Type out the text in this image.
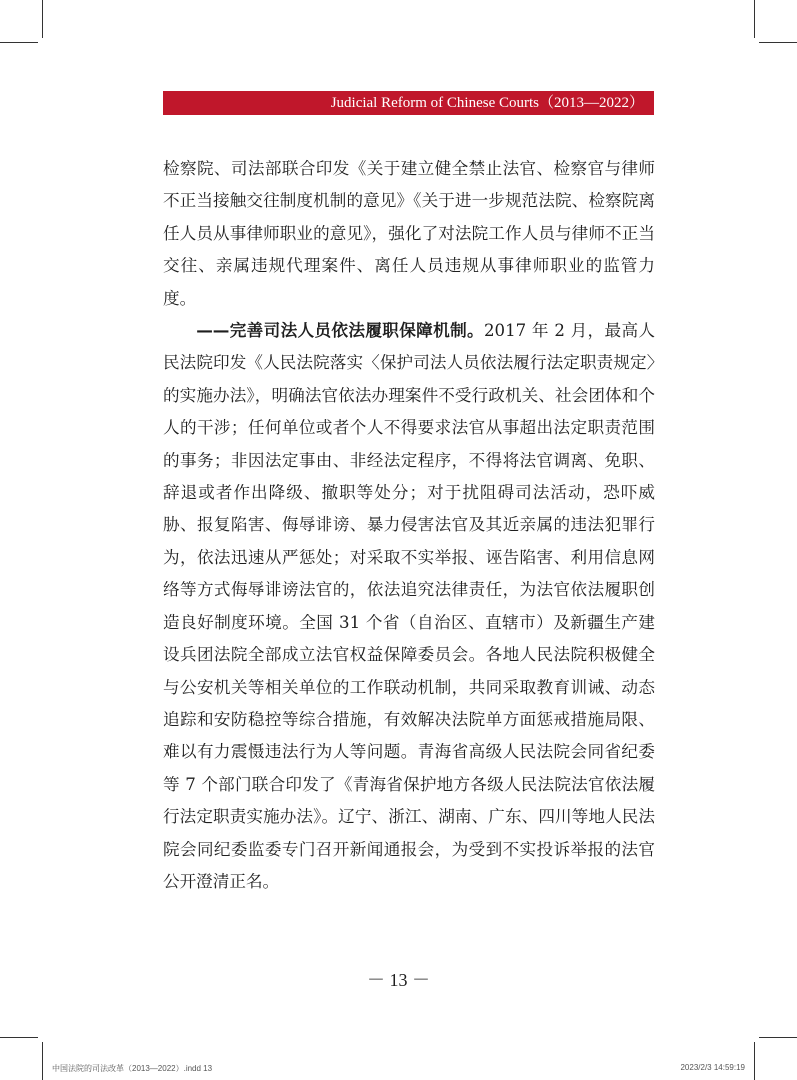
Judicial Reform of Chinese Courts（2013—2022）

检察院、司法部联合印发《关于建立健全禁止法官、检察官与律师不正当接触交往制度机制的意见》《关于进一步规范法院、检察院离任人员从事律师职业的意见》，强化了对法院工作人员与律师不正当交往、亲属违规代理案件、离任人员违规从事律师职业的监管力度。

——完善司法人员依法履职保障机制。2017 年 2 月，最高人民法院印发《人民法院落实〈保护司法人员依法履行法定职责规定〉的实施办法》，明确法官依法办理案件不受行政机关、社会团体和个人的干涉；任何单位或者个人不得要求法官从事超出法定职责范围的事务；非因法定事由、非经法定程序，不得将法官调离、免职、辞退或者作出降级、撤职等处分；对于扰阻碍司法活动，恐吓威胁、报复陷害、侮辱诽谤、暴力侵害法官及其近亲属的违法犯罪行为，依法迅速从严惩处；对采取不实举报、诬告陷害、利用信息网络等方式侮辱诽谤法官的，依法追究法律责任，为法官依法履职创造良好制度环境。全国 31 个省（自治区、直辖市）及新疆生产建设兵团法院全部成立法官权益保障委员会。各地人民法院积极健全与公安机关等相关单位的工作联动机制，共同采取教育训诫、动态追踪和安防稳控等综合措施，有效解决法院单方面惩戒措施局限、难以有力震慑违法行为人等问题。青海省高级人民法院会同省纪委等 7 个部门联合印发了《青海省保护地方各级人民法院法官依法履行法定职责实施办法》。辽宁、浙江、湖南、广东、四川等地人民法院会同纪委监委专门召开新闻通报会，为受到不实投诉举报的法官公开澄清正名。

－ 13 －
中国法院的司法改革（2013—2022）.indd 13	2023/2/3 14:59:19
